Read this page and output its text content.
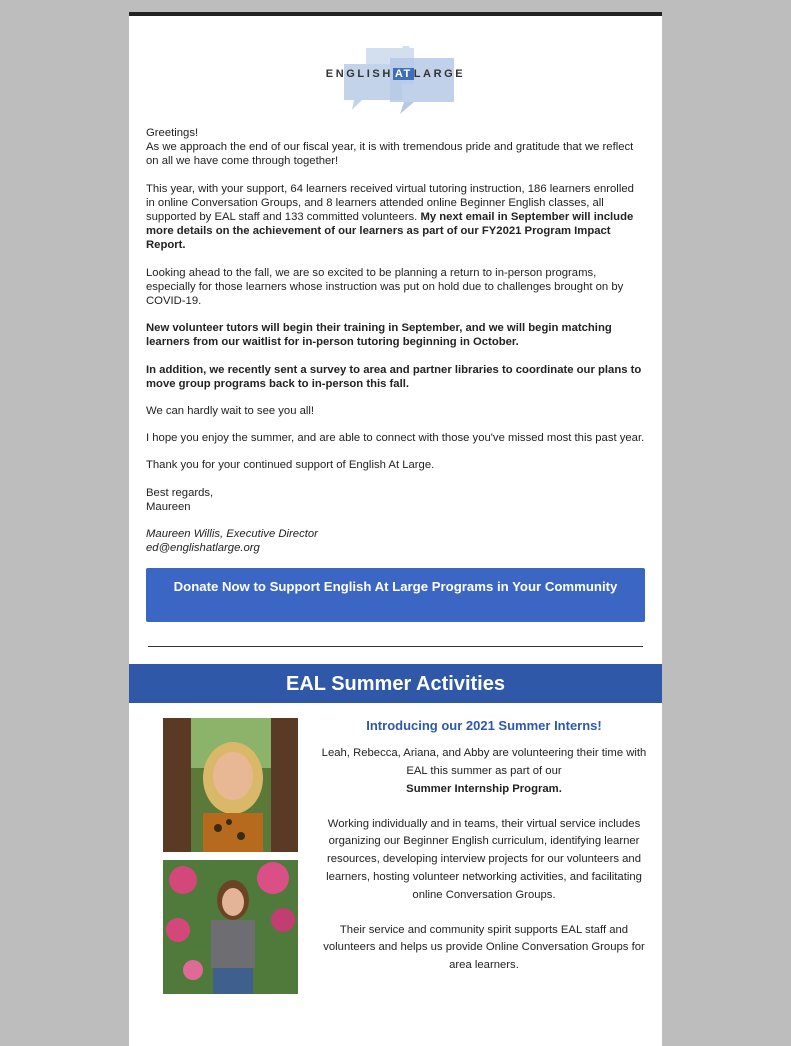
ENGLISH AT LARGE

Greetings!
As we approach the end of our fiscal year, it is with tremendous pride and gratitude that we reflect on all we have come through together!

This year, with your support, 64 learners received virtual tutoring instruction, 186 learners enrolled in online Conversation Groups, and 8 learners attended online Beginner English classes, all supported by EAL staff and 133 committed volunteers. My next email in September will include more details on the achievement of our learners as part of our FY2021 Program Impact Report.

Looking ahead to the fall, we are so excited to be planning a return to in-person programs, especially for those learners whose instruction was put on hold due to challenges brought on by COVID-19.

New volunteer tutors will begin their training in September, and we will begin matching learners from our waitlist for in-person tutoring beginning in October.

In addition, we recently sent a survey to area and partner libraries to coordinate our plans to move group programs back to in-person this fall.

We can hardly wait to see you all!

I hope you enjoy the summer, and are able to connect with those you've missed most this past year.

Thank you for your continued support of English At Large.

Best regards,
Maureen

Maureen Willis, Executive Director
ed@englishatlarge.org

Donate Now to Support English At Large Programs in Your Community
EAL Summer Activities
Introducing our 2021 Summer Interns!

Leah, Rebecca, Ariana, and Abby are volunteering their time with EAL this summer as part of our
Summer Internship Program.

Working individually and in teams, their virtual service includes organizing our Beginner English curriculum, identifying learner resources, developing interview projects for our volunteers and learners, hosting volunteer networking activities, and facilitating online Conversation Groups.

Their service and community spirit supports EAL staff and volunteers and helps us provide Online Conversation Groups for area learners.
